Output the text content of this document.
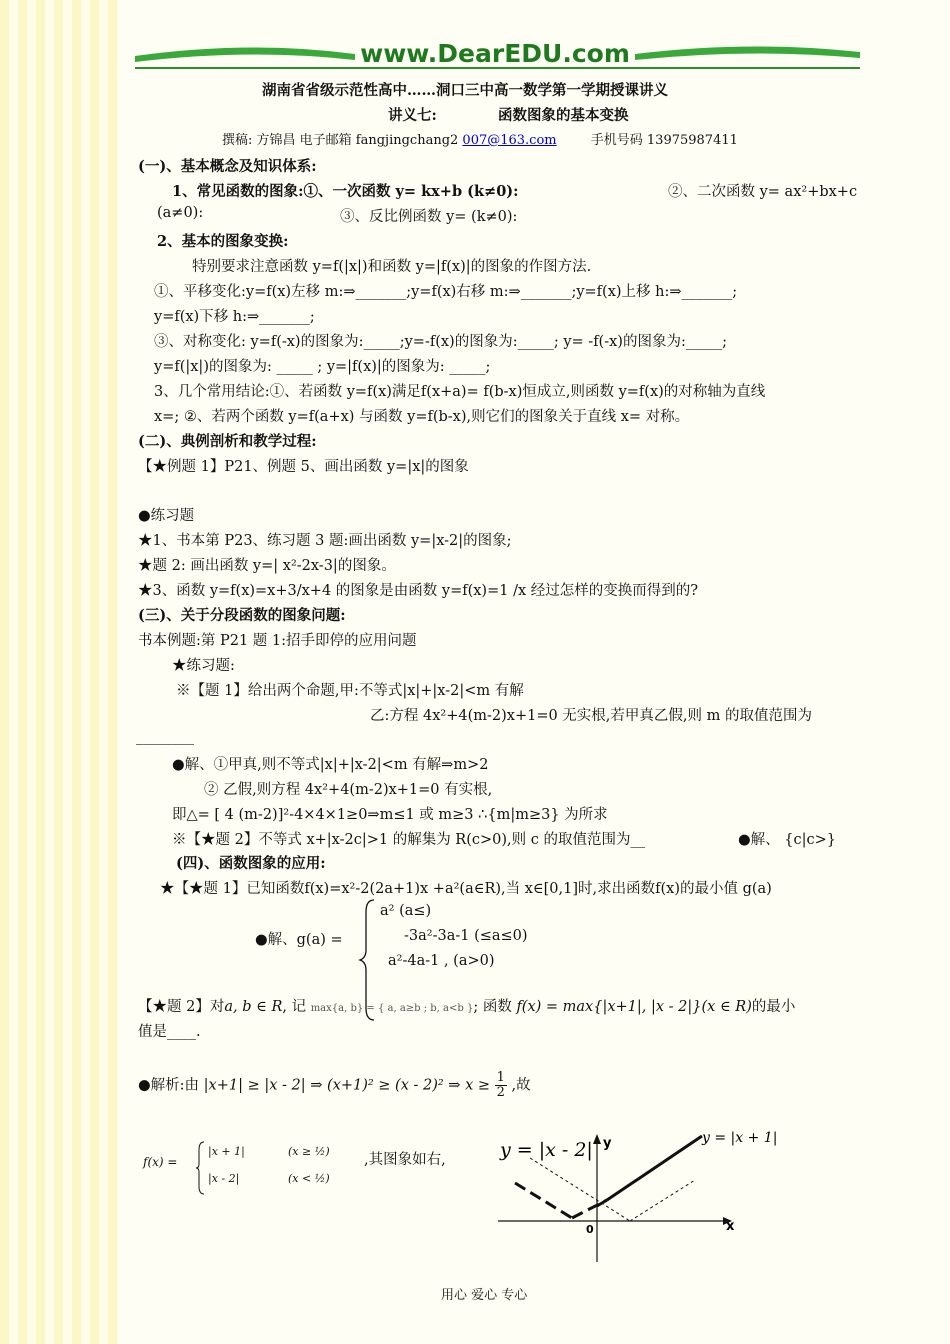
www.DearEDU.com
湖南省省级示范性高中……洞口三中高一数学第一学期授课讲义
讲义七:	函数图象的基本变换
撰稿: 方锦昌 电子邮箱 fangjingchang2 007@163.com	手机号码 13975987411
(一)、基本概念及知识体系:
1、常见函数的图象:①、一次函数 y= kx+b (k≠0):	②、二次函数 y= ax²+bx+c
(a≠0):	③、反比例函数 y= (k≠0):
2、基本的图象变换:
特别要求注意函数 y=f(|x|)和函数 y=|f(x)|的图象的作图方法.
①、平移变化:y=f(x)左移 m:⇒_______;y=f(x)右移 m:⇒_______;y=f(x)上移 h:⇒_______;
y=f(x)下移 h:⇒_______;
③、对称变化: y=f(-x)的图象为:_____;y=-f(x)的图象为:_____; y= -f(-x)的图象为:_____;
y=f(|x|)的图象为: _____ ; y=|f(x)|的图象为: _____;
3、几个常用结论:①、若函数 y=f(x)满足f(x+a)= f(b-x)恒成立,则函数 y=f(x)的对称轴为直线
x=; ②、若两个函数 y=f(a+x) 与函数 y=f(b-x),则它们的图象关于直线 x= 对称。
(二)、典例剖析和教学过程:
【★例题 1】P21、例题 5、画出函数 y=|x|的图象
●练习题
★1、书本第 P23、练习题 3 题:画出函数 y=|x-2|的图象;
★题 2: 画出函数 y=| x²-2x-3|的图象。
★3、函数 y=f(x)=x+3/x+4 的图象是由函数 y=f(x)=1 /x 经过怎样的变换而得到的?
(三)、关于分段函数的图象问题:
书本例题:第 P21 题 1:招手即停的应用问题
★练习题:
※【题 1】给出两个命题,甲:不等式|x|+|x-2|<m 有解
乙:方程 4x²+4(m-2)x+1=0 无实根,若甲真乙假,则 m 的取值范围为
________
●解、①甲真,则不等式|x|+|x-2|<m 有解⇒m>2
② 乙假,则方程 4x²+4(m-2)x+1=0 有实根,
即△= [ 4 (m-2)]²-4×4×1≥0⇒m≤1 或 m≥3 ∴{m|m≥3} 为所求
※【★题 2】不等式 x+|x-2c|>1 的解集为 R(c>0),则 c 的取值范围为__	●解、 {c|c>}
(四)、函数图象的应用:
★【★题 1】已知函数f(x)=x²-2(2a+1)x +a²(a∈R),当 x∈[0,1]时,求出函数f(x)的最小值 g(a)
●解、g(a) =
a² (a≤)
-3a²-3a-1 (≤a≤0)
a²-4a-1 , (a>0)
【★题 2】对a, b ∈ R, 记 max{a, b} = { a, a≥b ; b, a<b }; 函数 f(x) = max{|x+1|, |x - 2|}(x ∈ R)的最小
值是____.
●解析:由 |x+1| ≥ |x - 2| ⇒ (x+1)² ≥ (x - 2)² ⇒ $x \ge \frac{1}{2}$ ,故
f(x) =
|x + 1|	(x ≥ ½)
|x - 2|	(x < ½)
,其图象如右,
y
x
0
y = |x - 2|
y = |x + 1|
用心 爱心 专心
